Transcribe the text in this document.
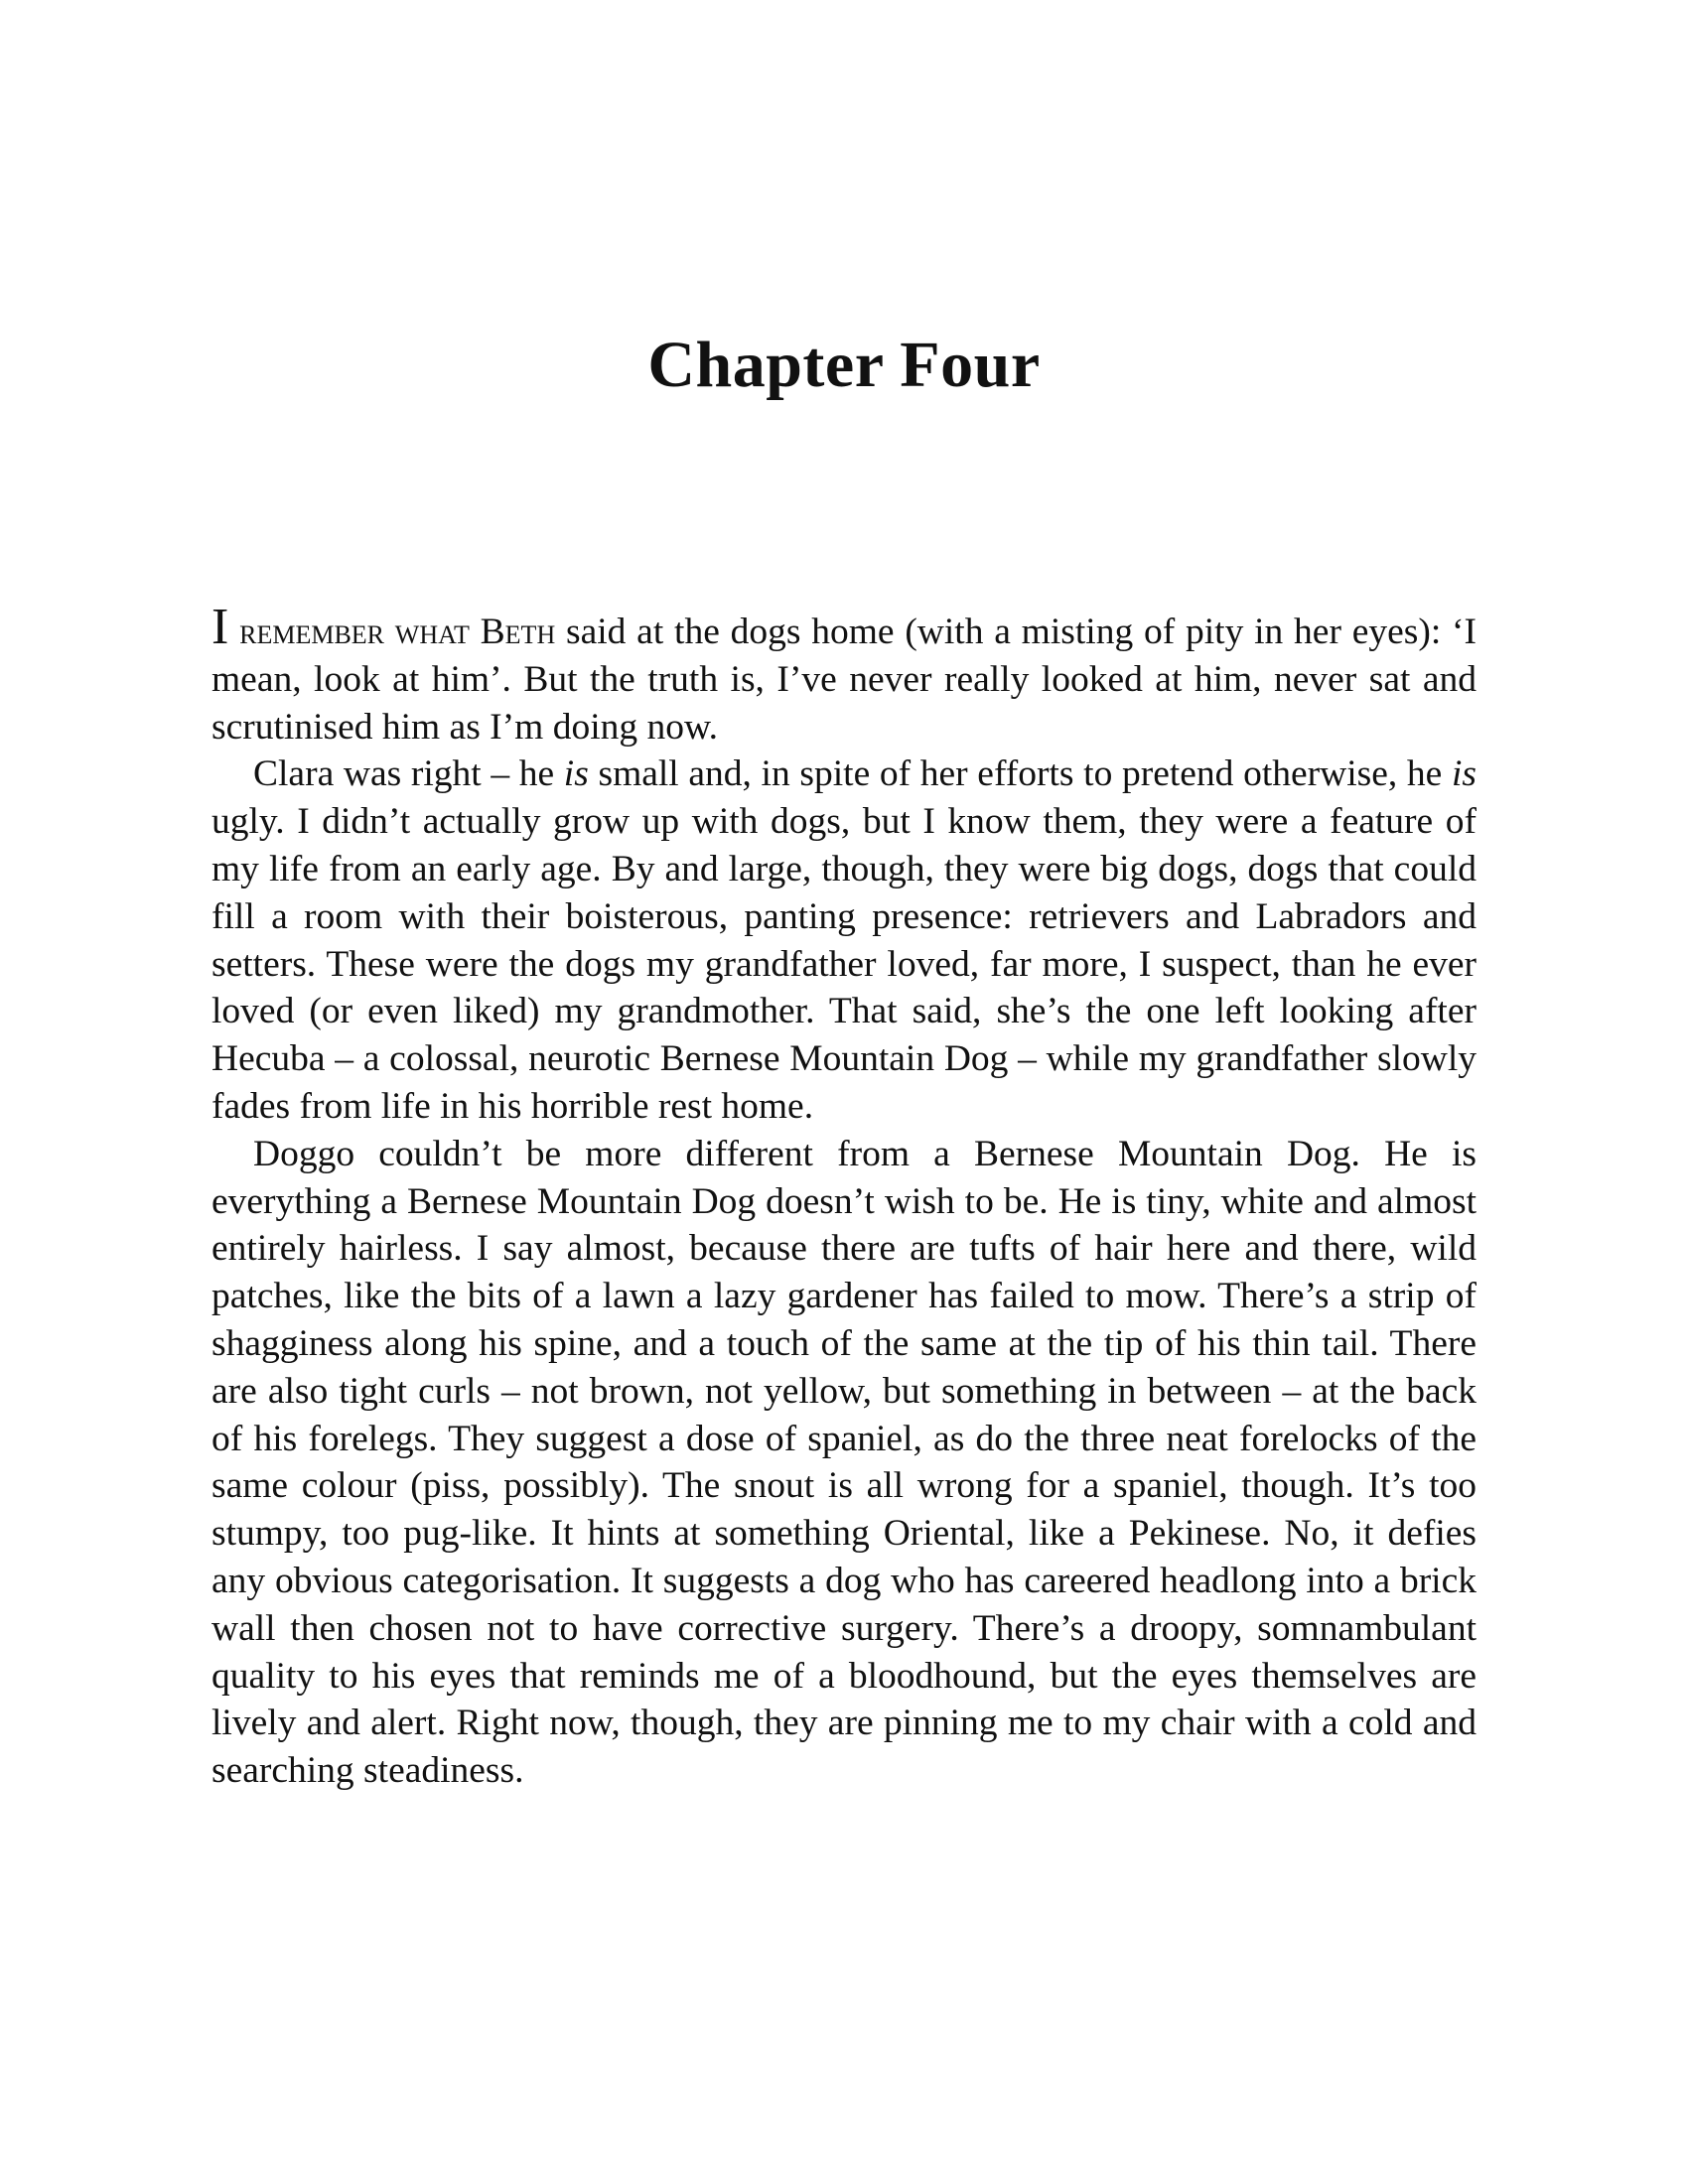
Chapter Four

I remember what Beth said at the dogs home (with a misting of pity in her eyes): ‘I mean, look at him’. But the truth is, I’ve never really looked at him, never sat and scrutinised him as I’m doing now.

Clara was right – he is small and, in spite of her efforts to pretend otherwise, he is ugly. I didn’t actually grow up with dogs, but I know them, they were a feature of my life from an early age. By and large, though, they were big dogs, dogs that could fill a room with their boisterous, panting presence: retrievers and Labradors and setters. These were the dogs my grandfather loved, far more, I suspect, than he ever loved (or even liked) my grandmother. That said, she’s the one left looking after Hecuba – a colossal, neurotic Bernese Mountain Dog – while my grandfather slowly fades from life in his horrible rest home.

Doggo couldn’t be more different from a Bernese Mountain Dog. He is everything a Bernese Mountain Dog doesn’t wish to be. He is tiny, white and almost entirely hairless. I say almost, because there are tufts of hair here and there, wild patches, like the bits of a lawn a lazy gardener has failed to mow. There’s a strip of shagginess along his spine, and a touch of the same at the tip of his thin tail. There are also tight curls – not brown, not yellow, but something in between – at the back of his forelegs. They suggest a dose of spaniel, as do the three neat forelocks of the same colour (piss, possibly). The snout is all wrong for a spaniel, though. It’s too stumpy, too pug-like. It hints at something Oriental, like a Pekinese. No, it defies any obvious categorisation. It suggests a dog who has careered headlong into a brick wall then chosen not to have corrective surgery. There’s a droopy, somnambulant quality to his eyes that reminds me of a bloodhound, but the eyes themselves are lively and alert. Right now, though, they are pinning me to my chair with a cold and searching steadiness.
